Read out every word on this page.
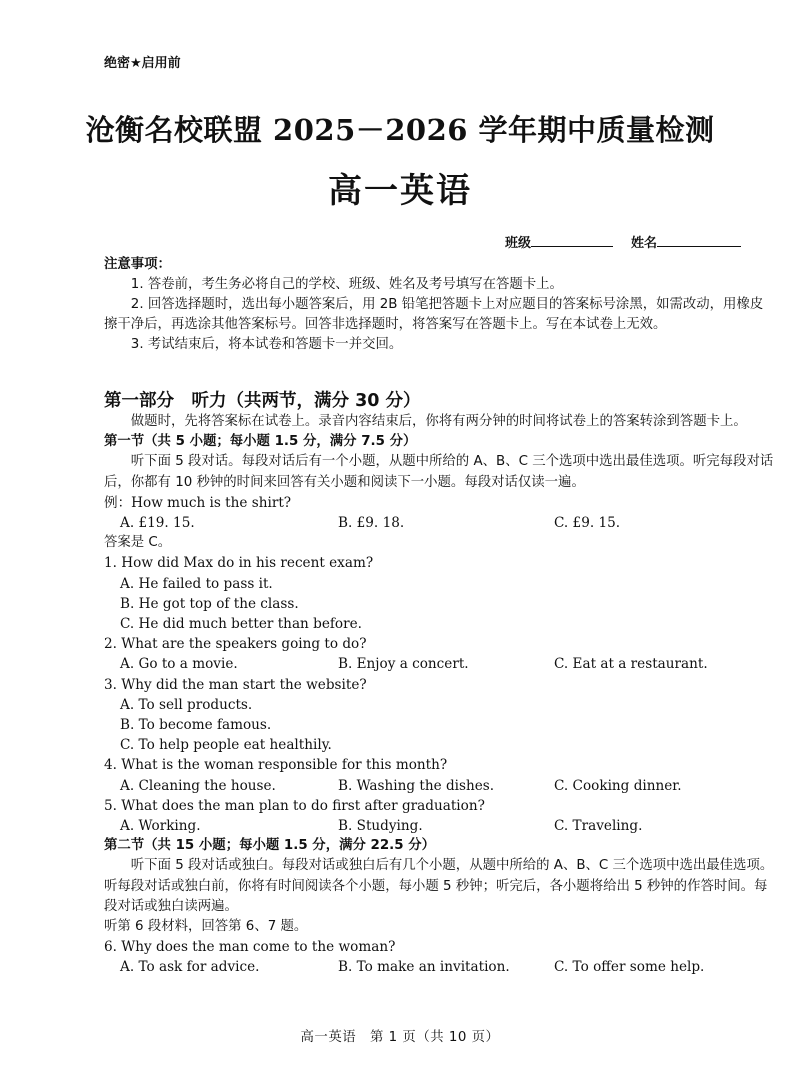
绝密★启用前
沧衡名校联盟 2025－2026 学年期中质量检测
高一英语
班级	姓名
注意事项：
1. 答卷前，考生务必将自己的学校、班级、姓名及考号填写在答题卡上。
2. 回答选择题时，选出每小题答案后，用 2B 铅笔把答题卡上对应题目的答案标号涂黑，如需改动，用橡皮擦干净后，再选涂其他答案标号。回答非选择题时，将答案写在答题卡上。写在本试卷上无效。
3. 考试结束后，将本试卷和答题卡一并交回。
第一部分　听力（共两节，满分 30 分）
做题时，先将答案标在试卷上。录音内容结束后，你将有两分钟的时间将试卷上的答案转涂到答题卡上。
第一节（共 5 小题；每小题 1.5 分，满分 7.5 分）
听下面 5 段对话。每段对话后有一个小题，从题中所给的 A、B、C 三个选项中选出最佳选项。听完每段对话后，你都有 10 秒钟的时间来回答有关小题和阅读下一小题。每段对话仅读一遍。
例：How much is the shirt?
A. £19. 15.	B. £9. 18.	C. £9. 15.
答案是 C。
1. How did Max do in his recent exam?
A. He failed to pass it.
B. He got top of the class.
C. He did much better than before.
2. What are the speakers going to do?
A. Go to a movie.	B. Enjoy a concert.	C. Eat at a restaurant.
3. Why did the man start the website?
A. To sell products.
B. To become famous.
C. To help people eat healthily.
4. What is the woman responsible for this month?
A. Cleaning the house.	B. Washing the dishes.	C. Cooking dinner.
5. What does the man plan to do first after graduation?
A. Working.	B. Studying.	C. Traveling.
第二节（共 15 小题；每小题 1.5 分，满分 22.5 分）
听下面 5 段对话或独白。每段对话或独白后有几个小题，从题中所给的 A、B、C 三个选项中选出最佳选项。听每段对话或独白前，你将有时间阅读各个小题，每小题 5 秒钟；听完后，各小题将给出 5 秒钟的作答时间。每段对话或独白读两遍。
听第 6 段材料，回答第 6、7 题。
6. Why does the man come to the woman?
A. To ask for advice.	B. To make an invitation.	C. To offer some help.
高一英语　第 1 页（共 10 页）
